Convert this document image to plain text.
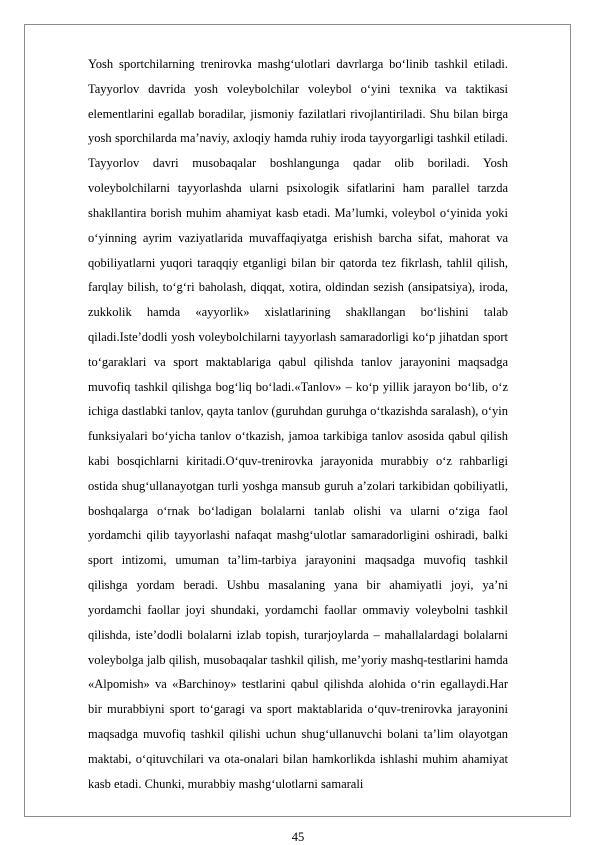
Yosh sportchilarning trenirovka mashg‘ulotlari davrlarga bo‘linib tashkil etiladi. Tayyorlov davrida yosh voleybolchilar voleybol o‘yini texnika va taktikasi elementlarini egallab boradilar, jismoniy fazilatlari rivojlantiriladi. Shu bilan birga yosh sporchilarda ma’naviy, axloqiy hamda ruhiy iroda tayyorgarligi tashkil etiladi. Tayyorlov davri musobaqalar boshlangunga qadar olib boriladi. Yosh voleybolchilarni tayyorlashda ularni psixologik sifatlarini ham parallel tarzda shakllantira borish muhim ahamiyat kasb etadi. Ma’lumki, voleybol o‘yinida yoki o‘yinning ayrim vaziyatlarida muvaffaqiyatga erishish barcha sifat, mahorat va qobiliyatlarni yuqori taraqqiy etganligi bilan bir qatorda tez fikrlash, tahlil qilish, farqlay bilish, to‘g‘ri baholash, diqqat, xotira, oldindan sezish (ansipatsiya), iroda, zukkolik hamda «ayyorlik» xislatlarining shakllangan bo‘lishini talab qiladi.Iste’dodli yosh voleybolchilarni tayyorlash samaradorligi ko‘p jihatdan sport to‘garaklari va sport maktablariga qabul qilishda tanlov jarayonini maqsadga muvofiq tashkil qilishga bog‘liq bo‘ladi.«Tanlov» – ko‘p yillik jarayon bo‘lib, o‘z ichiga dastlabki tanlov, qayta tanlov (guruhdan guruhga o‘tkazishda saralash), o‘yin funksiyalari bo‘yicha tanlov o‘tkazish, jamoa tarkibiga tanlov asosida qabul qilish kabi bosqichlarni kiritadi.O‘quv-trenirovka jarayonida murabbiy o‘z rahbarligi ostida shug‘ullanayotgan turli yoshga mansub guruh a’zolari tarkibidan qobiliyatli, boshqalarga o‘rnak bo‘ladigan bolalarni tanlab olishi va ularni o‘ziga faol yordamchi qilib tayyorlashi nafaqat mashg‘ulotlar samaradorligini oshiradi, balki sport intizomi, umuman ta’lim-tarbiya jarayonini maqsadga muvofiq tashkil qilishga yordam beradi. Ushbu masalaning yana bir ahamiyatli joyi, ya’ni yordamchi faollar joyi shundaki, yordamchi faollar ommaviy voleybolni tashkil qilishda, iste’dodli bolalarni izlab topish, turarjoylarda – mahallalardagi bolalarni voleybolga jalb qilish, musobaqalar tashkil qilish, me’yoriy mashq-testlarini hamda «Alpomish» va «Barchinoy» testlarini qabul qilishda alohida o‘rin egallaydi.Har bir murabbiyni sport to‘garagi va sport maktablarida o‘quv-trenirovka jarayonini maqsadga muvofiq tashkil qilishi uchun shug‘ullanuvchi bolani ta’lim olayotgan maktabi, o‘qituvchilari va ota-onalari bilan hamkorlikda ishlashi muhim ahamiyat kasb etadi. Chunki, murabbiy mashg‘ulotlarni samarali

45
